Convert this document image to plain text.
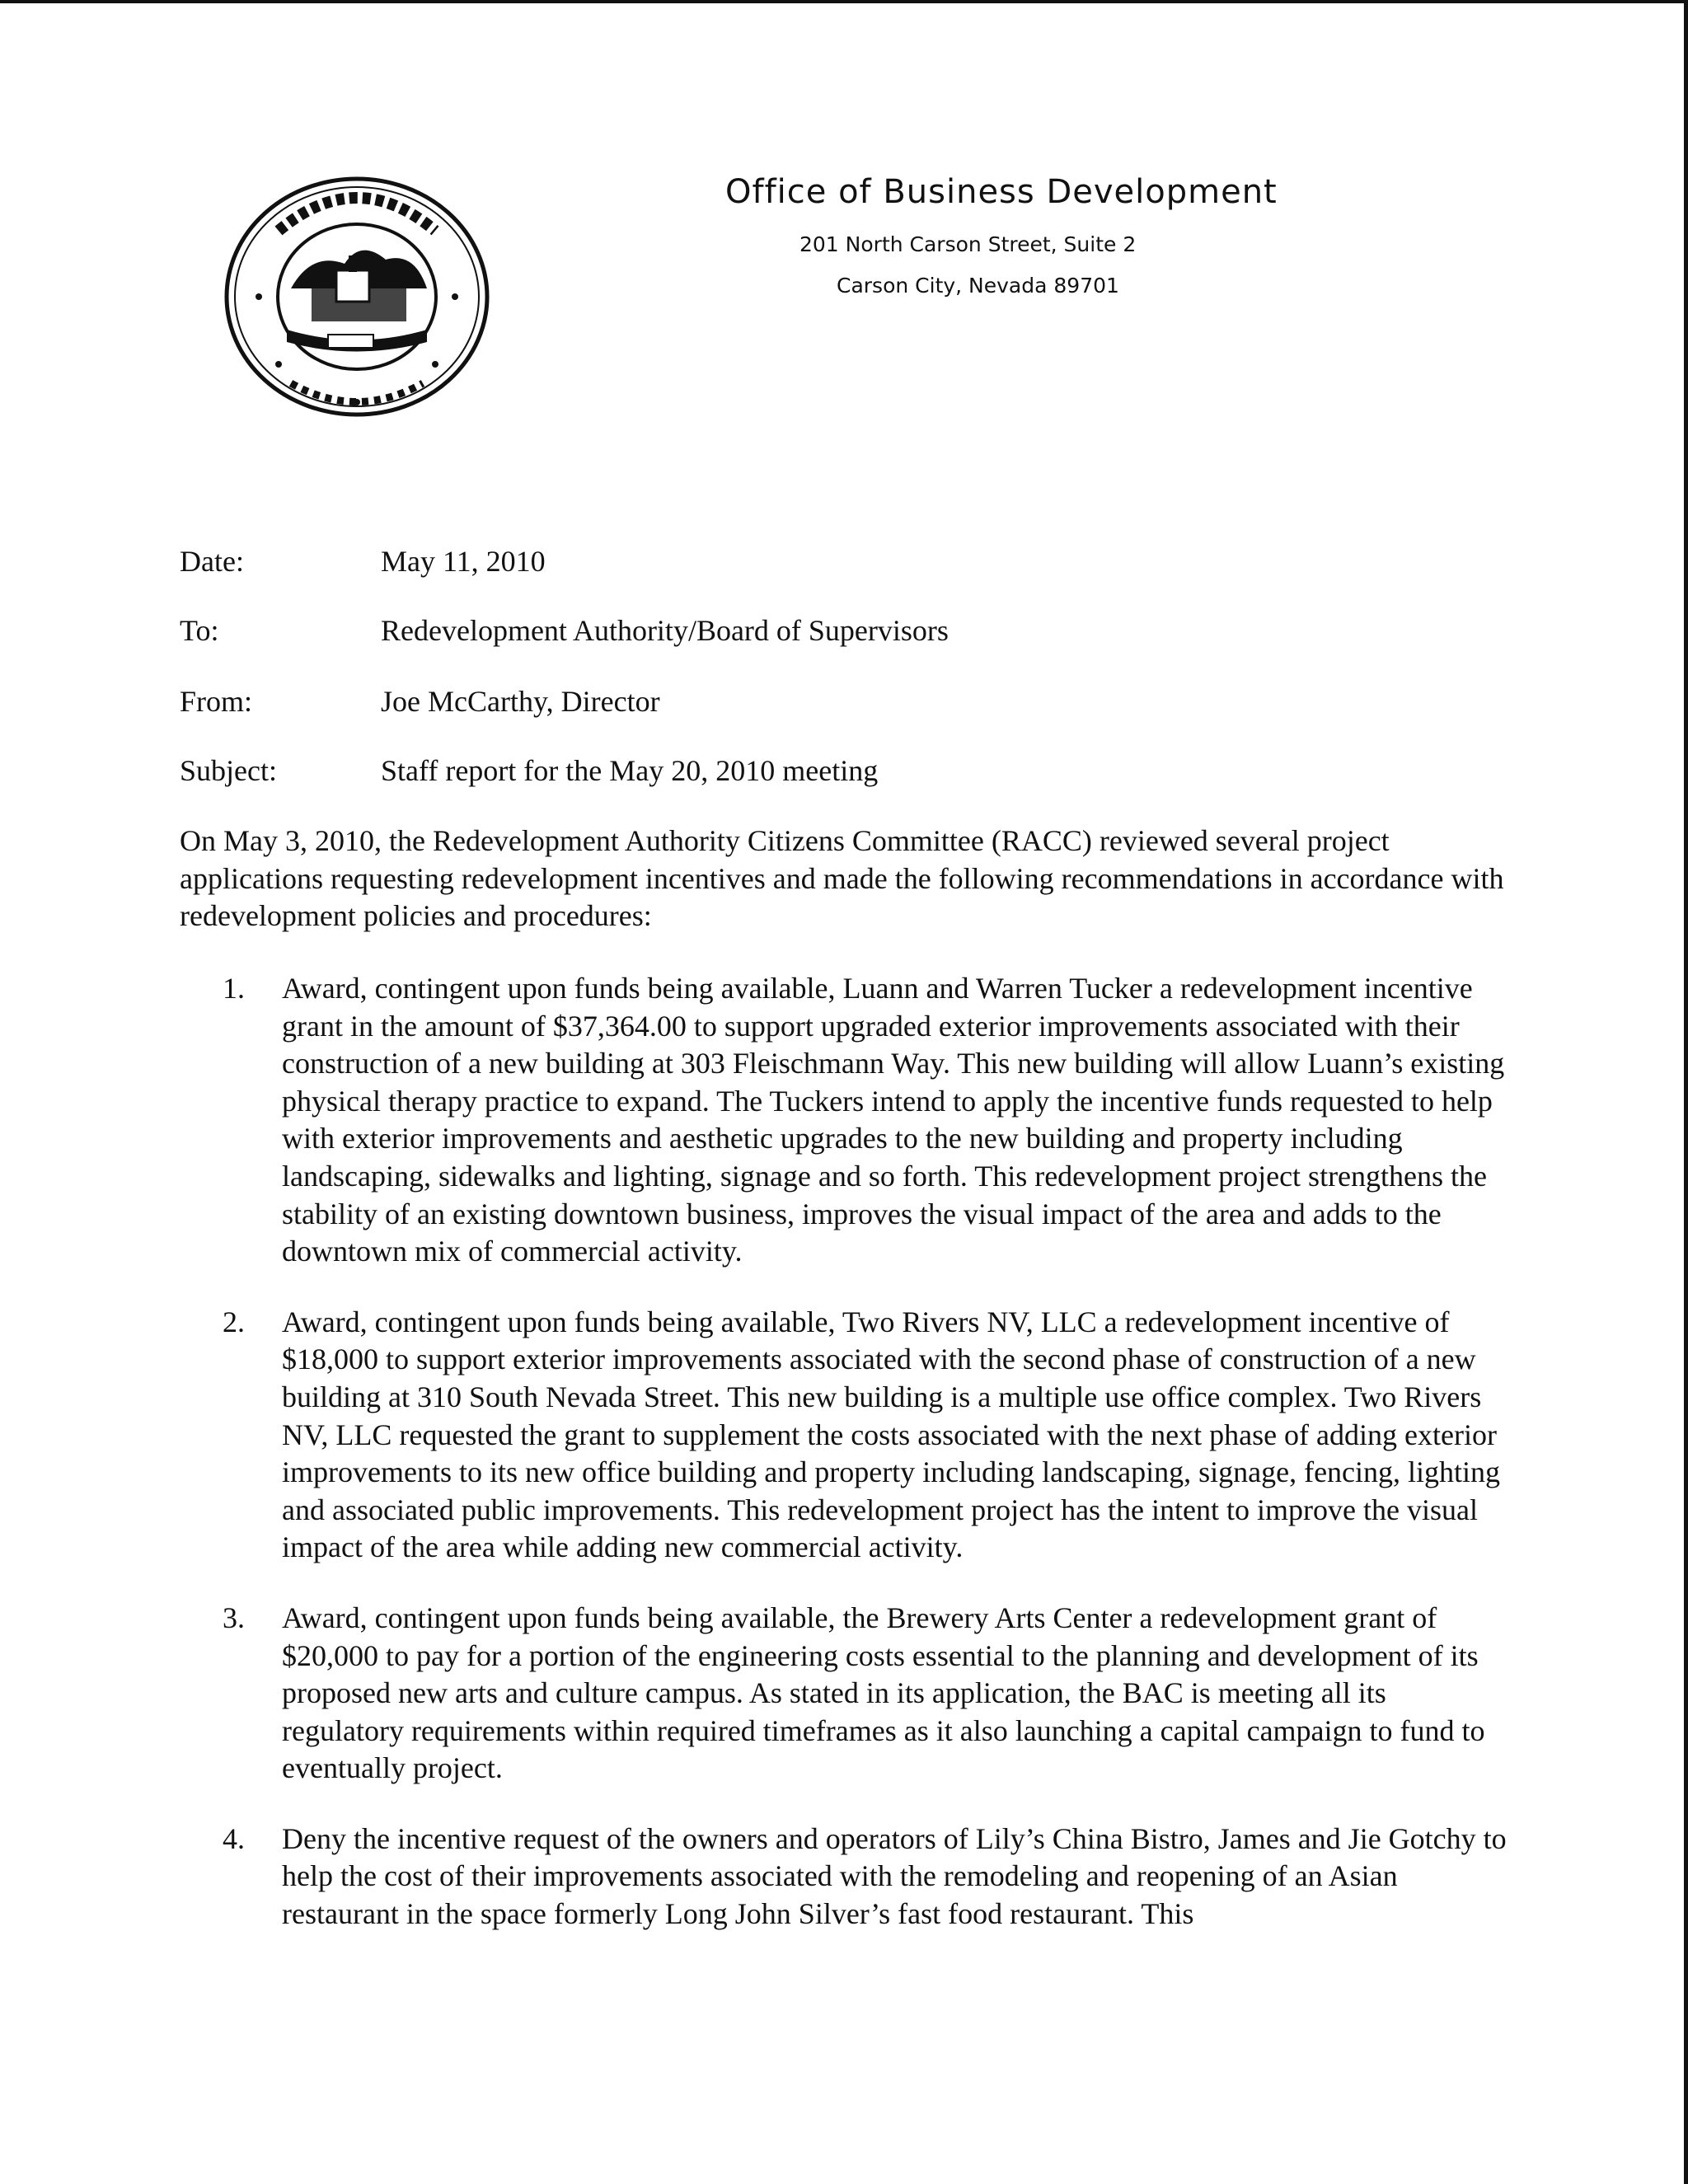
Office of Business Development
201 North Carson Street, Suite 2
Carson City, Nevada 89701
Date:	May 11, 2010
To:	Redevelopment Authority/Board of Supervisors
From:	Joe McCarthy, Director
Subject:	Staff report for the May 20, 2010 meeting
On May 3, 2010, the Redevelopment Authority Citizens Committee (RACC) reviewed several project applications requesting redevelopment incentives and made the following recommendations in accordance with redevelopment policies and procedures:
1. Award, contingent upon funds being available, Luann and Warren Tucker a redevelopment incentive grant in the amount of $37,364.00 to support upgraded exterior improvements associated with their construction of a new building at 303 Fleischmann Way. This new building will allow Luann’s existing physical therapy practice to expand. The Tuckers intend to apply the incentive funds requested to help with exterior improvements and aesthetic upgrades to the new building and property including landscaping, sidewalks and lighting, signage and so forth. This redevelopment project strengthens the stability of an existing downtown business, improves the visual impact of the area and adds to the downtown mix of commercial activity.
2. Award, contingent upon funds being available, Two Rivers NV, LLC a redevelopment incentive of $18,000 to support exterior improvements associated with the second phase of construction of a new building at 310 South Nevada Street. This new building is a multiple use office complex. Two Rivers NV, LLC requested the grant to supplement the costs associated with the next phase of adding exterior improvements to its new office building and property including landscaping, signage, fencing, lighting and associated public improvements. This redevelopment project has the intent to improve the visual impact of the area while adding new commercial activity.
3. Award, contingent upon funds being available, the Brewery Arts Center a redevelopment grant of $20,000 to pay for a portion of the engineering costs essential to the planning and development of its proposed new arts and culture campus. As stated in its application, the BAC is meeting all its regulatory requirements within required timeframes as it also launching a capital campaign to fund to eventually project.
4. Deny the incentive request of the owners and operators of Lily’s China Bistro, James and Jie Gotchy to help the cost of their improvements associated with the remodeling and reopening of an Asian restaurant in the space formerly Long John Silver’s fast food restaurant. This
